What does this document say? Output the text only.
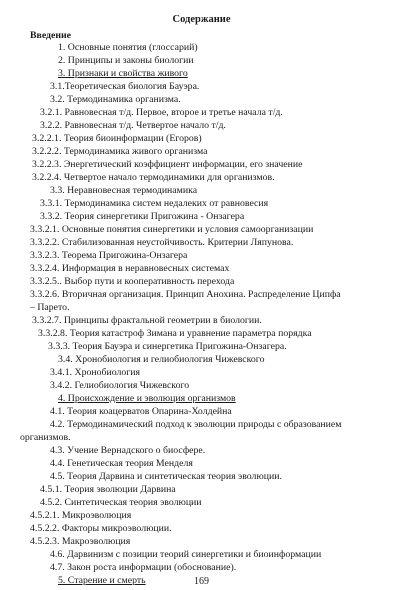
Содержание
Введение
1. Основные понятия (глоссарий)
2. Принципы и законы биологии
3. Признаки и свойства живого
3.1.Теоретическая биология Бауэра.
3.2. Термодинамика организма.
3.2.1. Равновесная т/д. Первое, второе и третье начала т/д.
3.2.2. Равновесная т/д. Четвертое начало т/д.
3.2.2.1. Теория биоинформации (Егоров)
3.2.2.2. Термодинамика живого организма
3.2.2.3. Энергетический коэффициент информации, его значение
3.2.2.4. Четвертое начало термодинамики для организмов.
3.3. Неравновесная термодинамика
3.3.1. Термодинамика систем недалеких от равновесия
3.3.2. Теория синергетики Пригожина - Онзагера
3.3.2.1. Основные понятия синергетики и условия самоорганизации
3.3.2.2. Стабилизованная неустойчивость. Критерии Ляпунова.
3.3.2.3. Теорема Пригожина-Онзагера
3.3.2.4. Информация в неравновесных системах
3.3.2.5.. Выбор пути и кооперативность перехода
3.3.2.6. Вторичная организация. Принцип Анохина. Распределение Ципфа
– Парето.
3.3.2.7. Принципы фрактальной геометрии в биологии.
3.3.2.8. Теория катастроф Зимана и уравнение параметра порядка
3.3.3. Теория Бауэра и синергетика Пригожина-Онзагера.
3.4. Хронобиология и гелиобиология Чижевского
3.4.1. Хронобиология
3.4.2. Гелиобиология Чижевского
4. Происхождение и эволюция организмов
4.1. Теория коацерватов Опарина-Холдейна
4.2. Термодинамический подход к эволюции природы с образованием
организмов.
4.3. Учение Вернадского о биосфере.
4.4. Генетическая теория Менделя
4.5. Теория Дарвина и синтетическая теория эволюции.
4.5.1. Теория эволюции Дарвина
4.5.2. Синтетическая теория эволюции
4.5.2.1. Микроэволюция
4.5.2.2. Факторы микроэволюции.
4.5.2.3. Макроэволюция
4.6. Дарвинизм с позиции теорий синергетики и биоинформации
4.7. Закон роста информации (обоснование).
5. Старение и смерть	169
